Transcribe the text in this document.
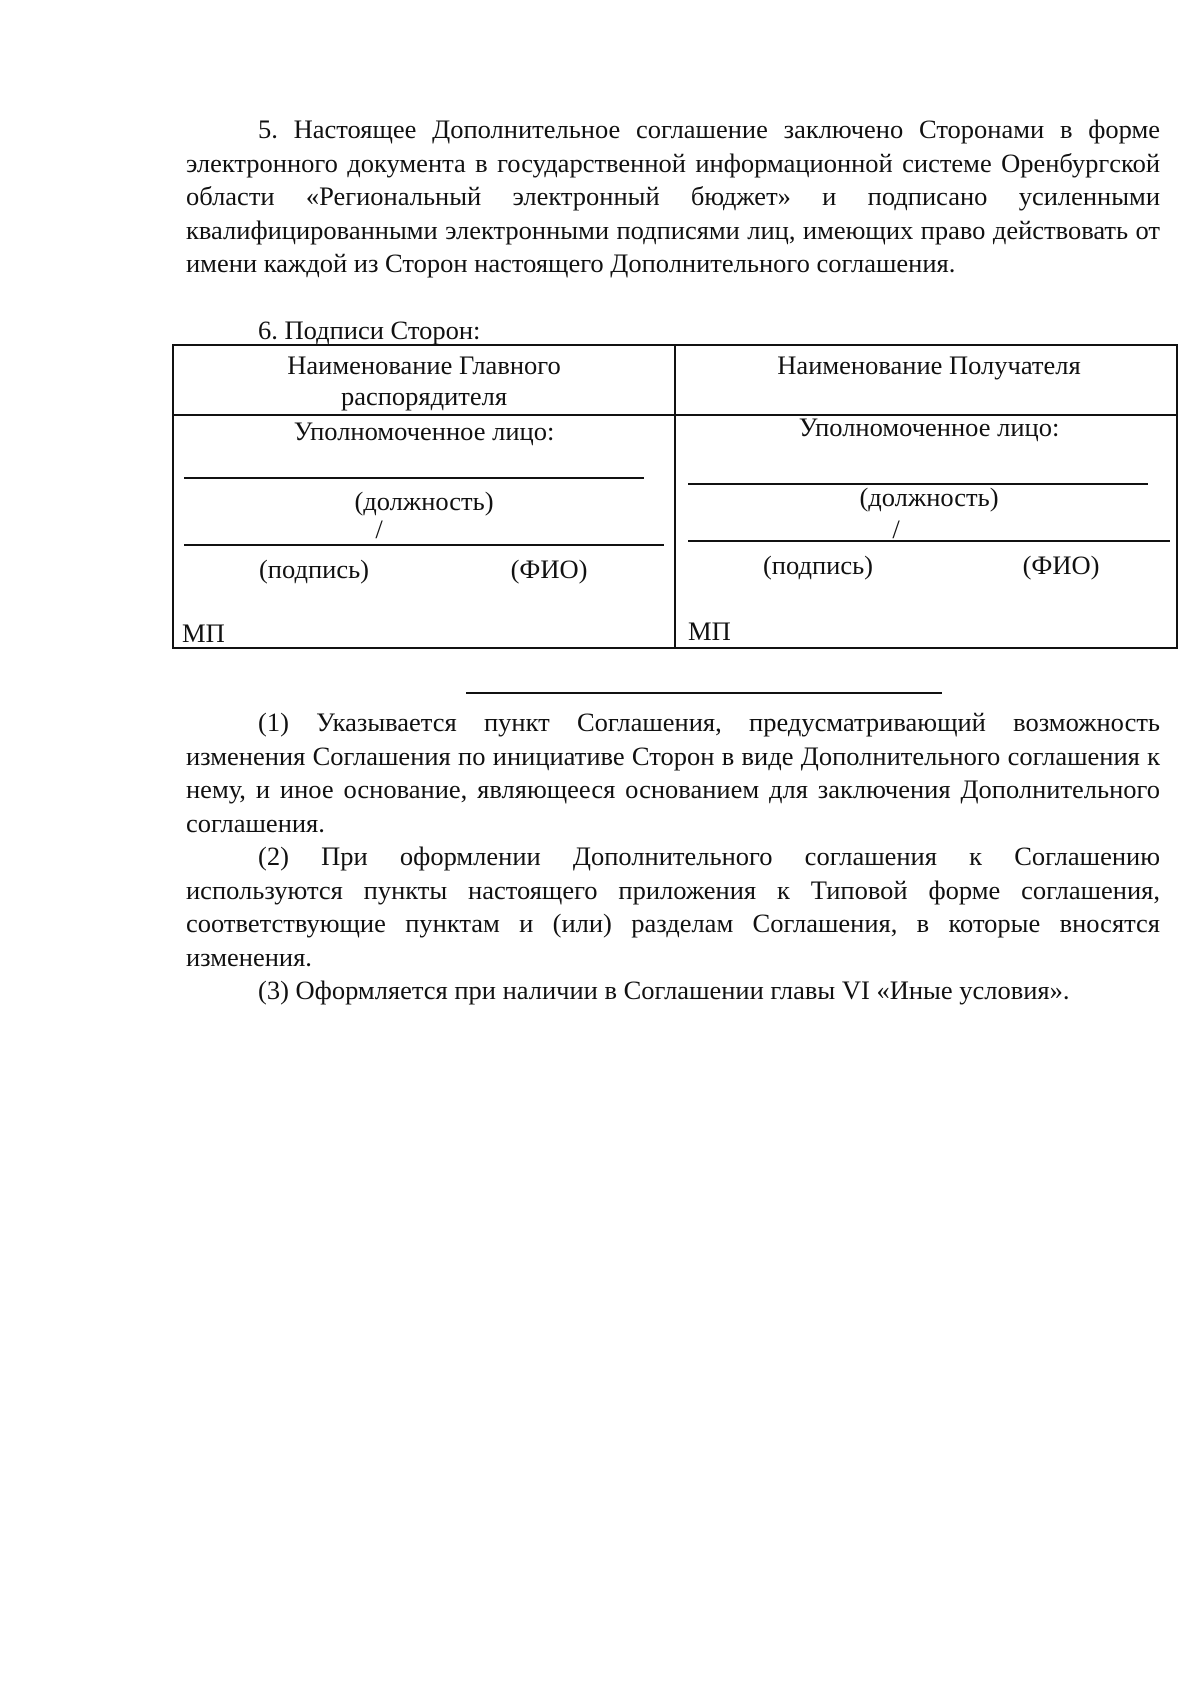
5. Настоящее Дополнительное соглашение заключено Сторонами в форме электронного документа в государственной информационной системе Оренбургской области «Региональный электронный бюджет» и подписано усиленными квалифицированными электронными подписями лиц, имеющих право действовать от имени каждой из Сторон настоящего Дополнительного соглашения.

6. Подписи Сторон:

Наименование Главного распорядителя
Уполномоченное лицо:
(должность)
/
(подпись)	(ФИО)
МП
Наименование Получателя
Уполномоченное лицо:
(должность)
/
(подпись)	(ФИО)
МП

(1) Указывается пункт Соглашения, предусматривающий возможность изменения Соглашения по инициативе Сторон в виде Дополнительного соглашения к нему, и иное основание, являющееся основанием для заключения Дополнительного соглашения.

(2) При оформлении Дополнительного соглашения к Соглашению используются пункты настоящего приложения к Типовой форме соглашения, соответствующие пунктам и (или) разделам Соглашения, в которые вносятся изменения.

(3) Оформляется при наличии в Соглашении главы VI «Иные условия».
